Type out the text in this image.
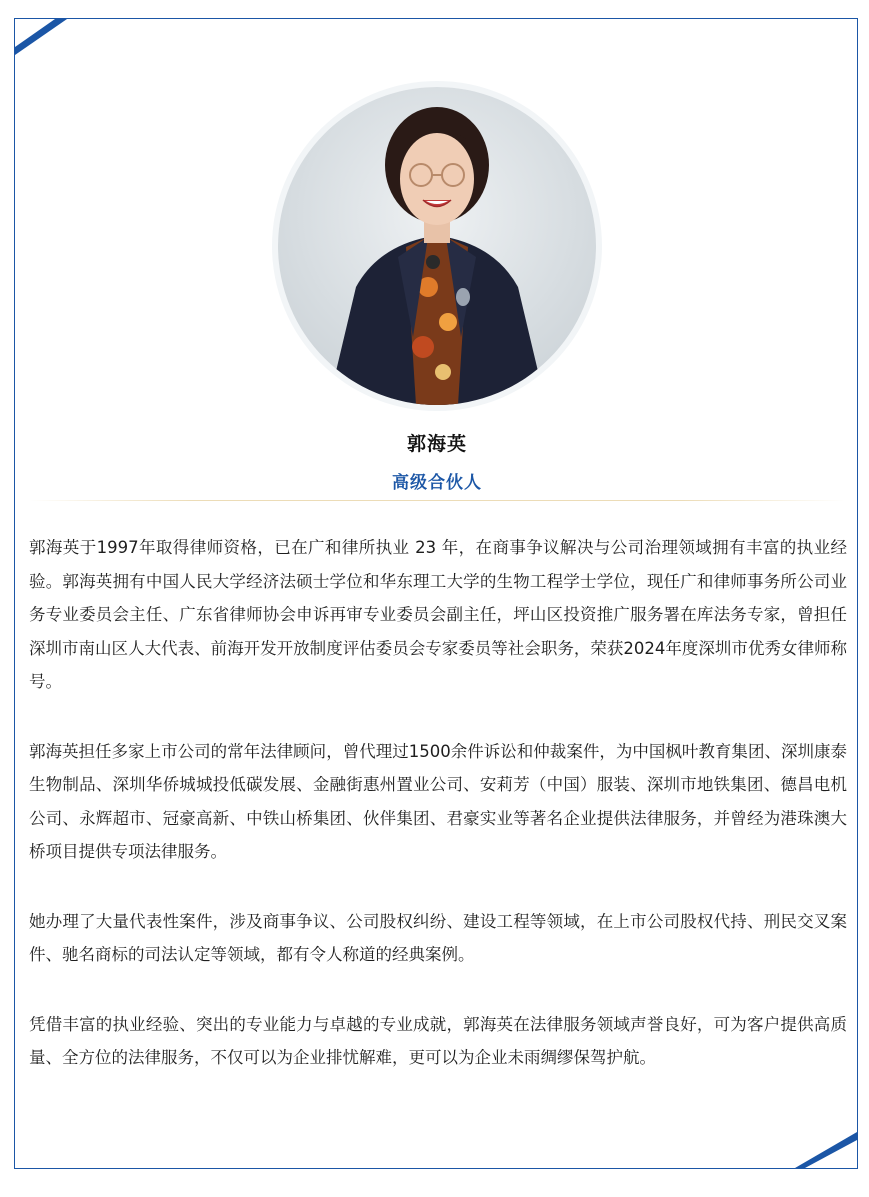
郭海英
高级合伙人

郭海英于1997年取得律师资格，已在广和律所执业 23 年，在商事争议解决与公司治理领域拥有丰富的执业经验。郭海英拥有中国人民大学经济法硕士学位和华东理工大学的生物工程学士学位，现任广和律师事务所公司业务专业委员会主任、广东省律师协会申诉再审专业委员会副主任，坪山区投资推广服务署在库法务专家，曾担任深圳市南山区人大代表、前海开发开放制度评估委员会专家委员等社会职务，荣获2024年度深圳市优秀女律师称号。

郭海英担任多家上市公司的常年法律顾问，曾代理过1500余件诉讼和仲裁案件，为中国枫叶教育集团、深圳康泰生物制品、深圳华侨城城投低碳发展、金融街惠州置业公司、安莉芳（中国）服装、深圳市地铁集团、德昌电机公司、永辉超市、冠豪高新、中铁山桥集团、伙伴集团、君豪实业等著名企业提供法律服务，并曾经为港珠澳大桥项目提供专项法律服务。

她办理了大量代表性案件，涉及商事争议、公司股权纠纷、建设工程等领域，在上市公司股权代持、刑民交叉案件、驰名商标的司法认定等领域，都有令人称道的经典案例。

凭借丰富的执业经验、突出的专业能力与卓越的专业成就，郭海英在法律服务领域声誉良好，可为客户提供高质量、全方位的法律服务，不仅可以为企业排忧解难，更可以为企业未雨绸缪保驾护航。
